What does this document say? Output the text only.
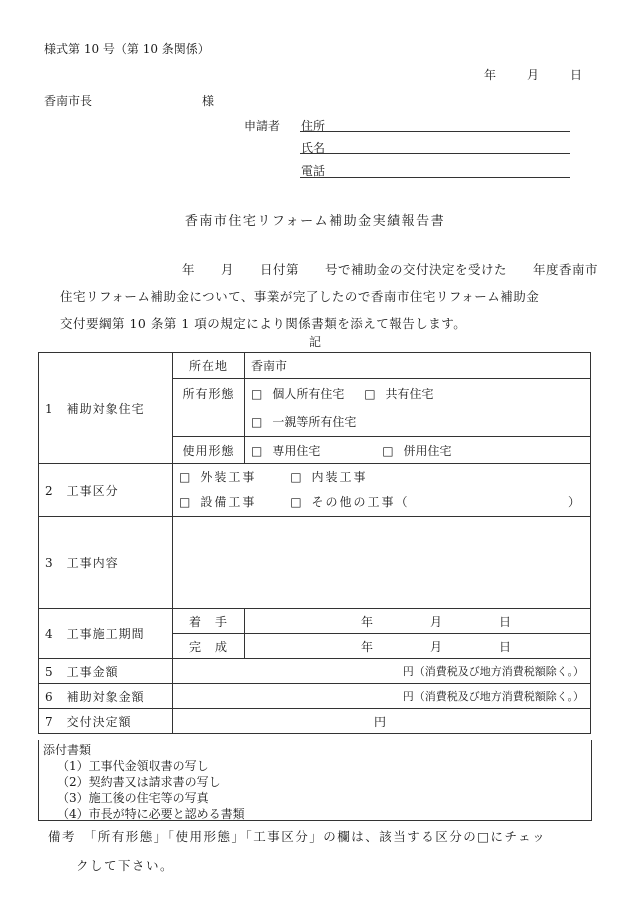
様式第 10 号（第 10 条関係）
年	月	日
香南市長	様
申請者 住所
氏名
電話
香南市住宅リフォーム補助金実績報告書
　　　年　　月　　日付第　　号で補助金の交付決定を受けた　　年度香南市
住宅リフォーム補助金について、事業が完了したので香南市住宅リフォーム補助金
交付要綱第 10 条第 1 項の規定により関係書類を添えて報告します。
記
1　補助対象住宅	所在地	香南市
	所有形態	□ 個人所有住宅 □ 共有住宅
□ 一親等所有住宅

	使用形態	□ 専用住宅 □ 併用住宅
2　工事区分	□ 外装工事 □ 内装工事
□ 設備工事 □ その他の工事（ ）	

3　工事内容		
4　工事施工期間	着　手	年 月 日

	完　成	年 月 日

5　工事金額	円（消費税及び地方消費税額除く。）	
6　補助対象金額	円（消費税及び地方消費税額除く。）	
7　交付決定額	円	
添付書類
（1）工事代金領収書の写し
（2）契約書又は請求書の写し
（3）施工後の住宅等の写真
（4）市長が特に必要と認める書類
備考　「所有形態」「使用形態」「工事区分」の欄は、該当する区分の□にチェッ
　　クして下さい。
